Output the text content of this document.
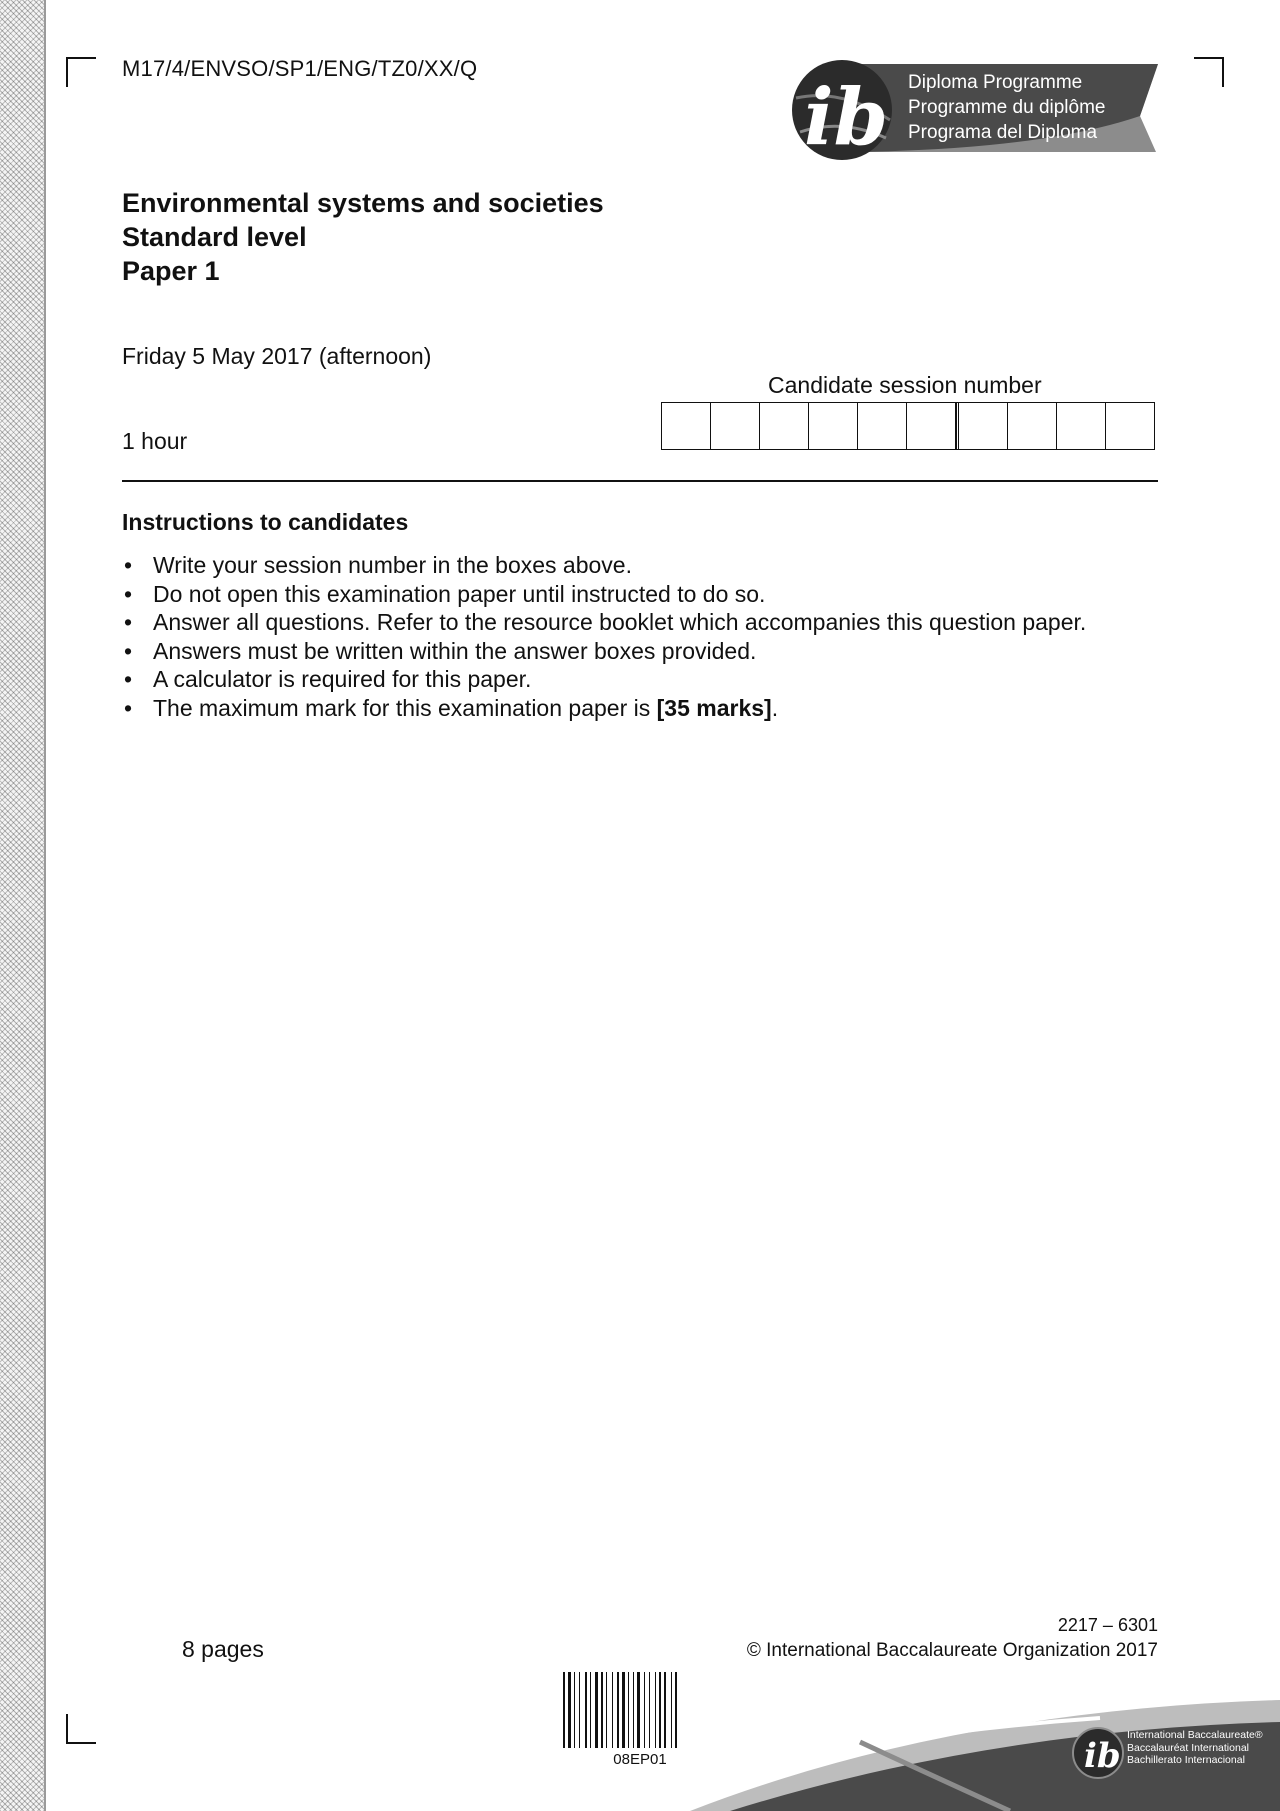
M17/4/ENVSO/SP1/ENG/TZ0/XX/Q
ib Diploma Programme
Programme du diplôme
Programa del Diploma
Environmental systems and societies
Standard level
Paper 1
Friday 5 May 2017 (afternoon)
1 hour
Candidate session number
Instructions to candidates
• Write your session number in the boxes above.
• Do not open this examination paper until instructed to do so.
• Answer all questions. Refer to the resource booklet which accompanies this question paper.
• Answers must be written within the answer boxes provided.
• A calculator is required for this paper.
• The maximum mark for this examination paper is [35 marks].
8 pages
2217 – 6301
© International Baccalaureate Organization 2017
08EP01	ib
International Baccalaureate®
Baccalauréat International
Bachillerato Internacional
